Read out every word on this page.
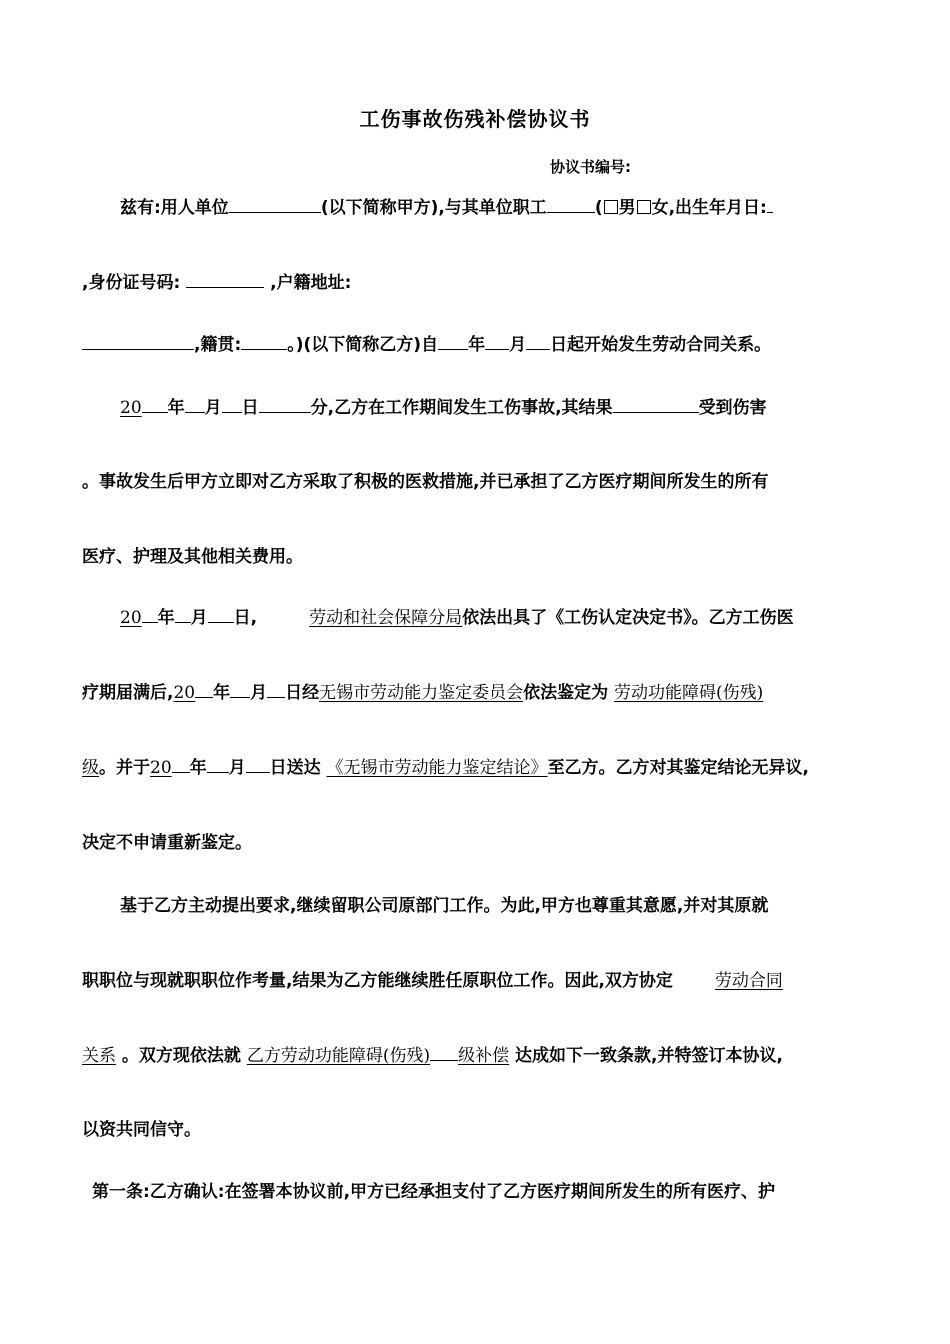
工伤事故伤残补偿协议书
协议书编号:
兹有:用人单位	(以下简称甲方),与其单位职工	( 男 女,出生年月日:
,身份证号码:	,户籍地址:
,籍贯:	。)(以下简称乙方)自 年 月 日起开始发生劳动合同关系。
20 年 月 日	分,乙方在工作期间发生工伤事故,其结果	受到伤害
。事故发生后甲方立即对乙方采取了积极的医救措施,并已承担了乙方医疗期间所发生的所有
医疗、护理及其他相关费用。
20 年 月 日,	劳动和社会保障分局依法出具了《工伤认定决定书》。乙方工伤医
疗期届满后,20 年 月 日经无锡市劳动能力鉴定委员会依法鉴定为 劳动功能障碍(伤残)
级。并于20 年 月 日送达 《无锡市劳动能力鉴定结论》至乙方。乙方对其鉴定结论无异议,
决定不申请重新鉴定。
基于乙方主动提出要求,继续留职公司原部门工作。为此,甲方也尊重其意愿,并对其原就
职职位与现就职职位作考量,结果为乙方能继续胜任原职位工作。因此,双方协定 劳动合同
关系 。双方现依法就 乙方劳动功能障碍(伤残) 级补偿 达成如下一致条款,并特签订本协议,
以资共同信守。
第一条:乙方确认:在签署本协议前,甲方已经承担支付了乙方医疗期间所发生的所有医疗、护
